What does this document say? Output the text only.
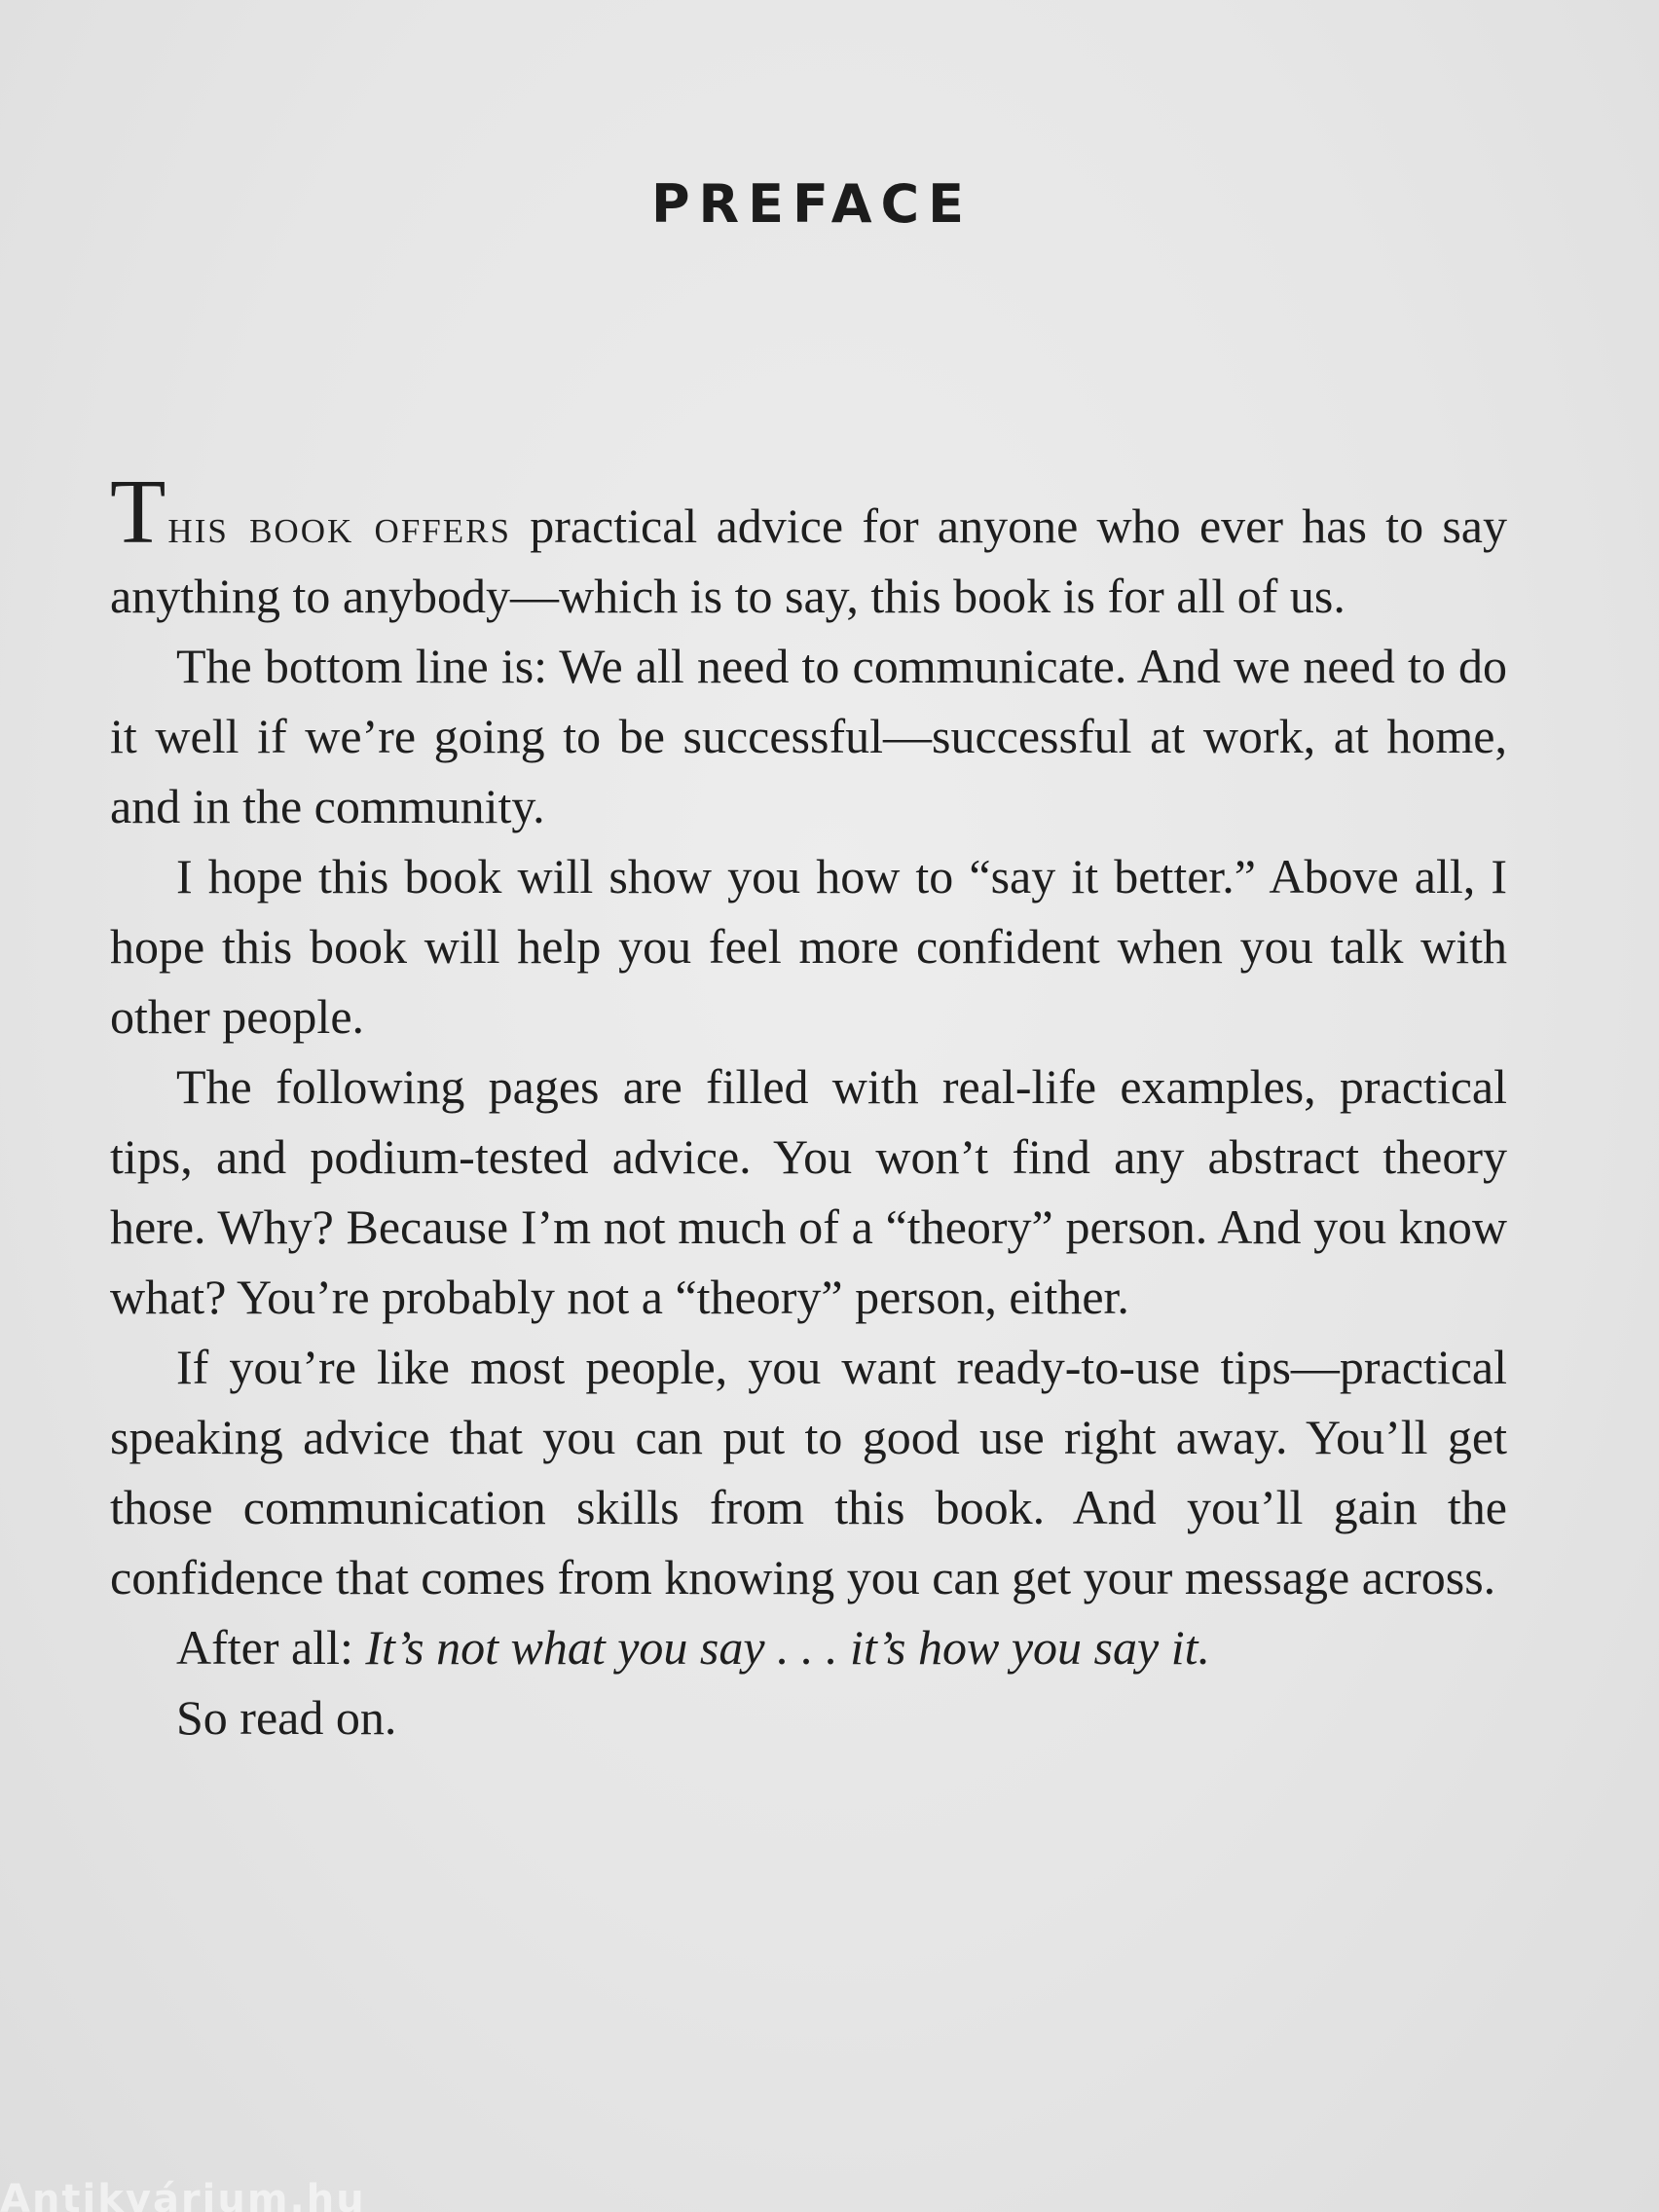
PREFACE

This book offers practical advice for anyone who ever has to say anything to anybody—which is to say, this book is for all of us.

The bottom line is: We all need to communicate. And we need to do it well if we’re going to be successful—successful at work, at home, and in the community.

I hope this book will show you how to “say it better.” Above all, I hope this book will help you feel more confident when you talk with other people.

The following pages are filled with real-life examples, practical tips, and podium-tested advice. You won’t find any abstract theory here. Why? Because I’m not much of a “theory” person. And you know what? You’re probably not a “theory” person, either.

If you’re like most people, you want ready-to-use tips—practical speaking advice that you can put to good use right away. You’ll get those communication skills from this book. And you’ll gain the confidence that comes from knowing you can get your message across.

After all: It’s not what you say . . . it’s how you say it.

So read on.

Antikvárium.hu
